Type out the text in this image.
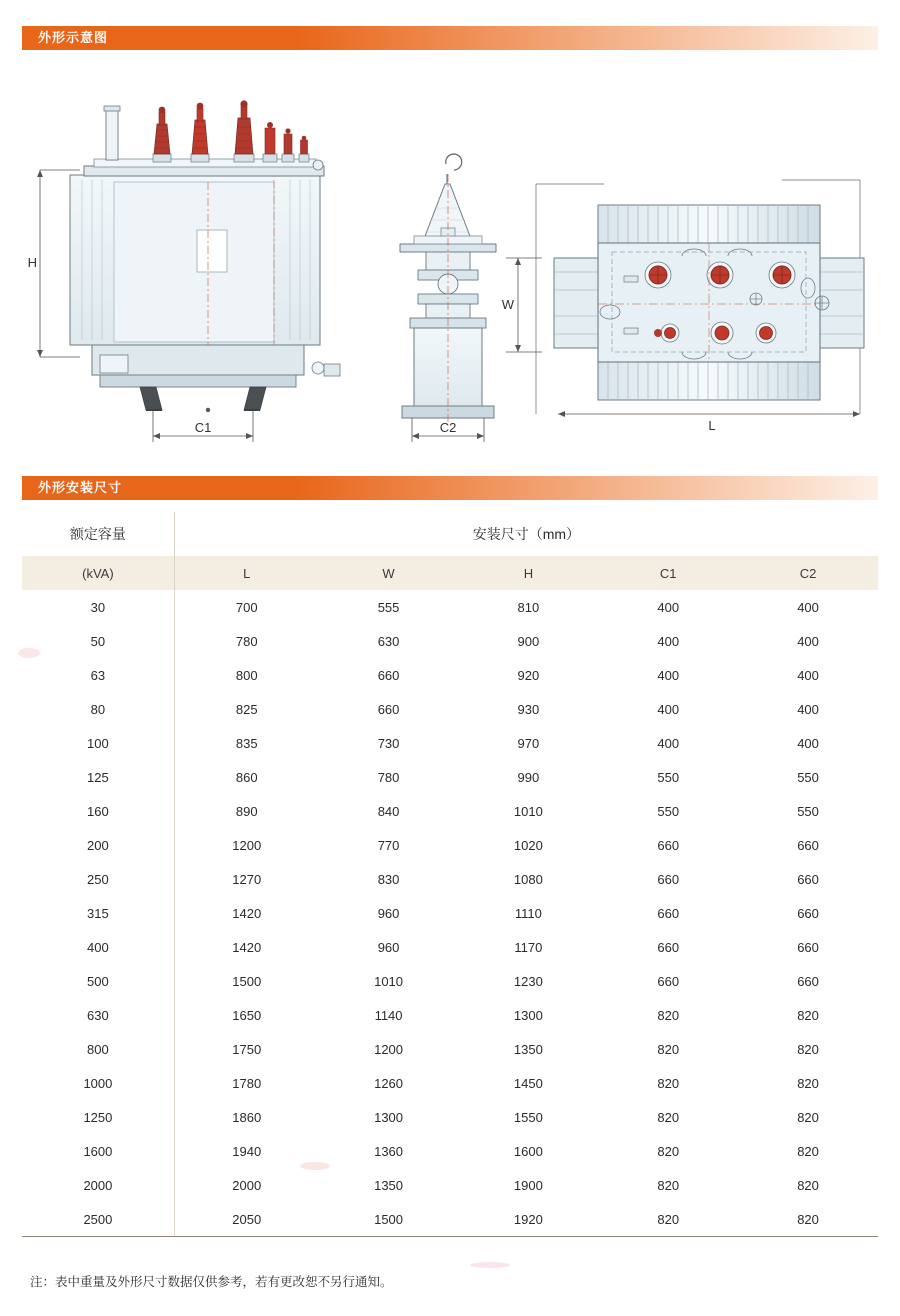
外形示意图
H
C1	C2
W
L
外形安装尺寸
额定容量	安装尺寸（mm）				
(kVA)	L	W	H	C1	C2
30	700	555	810	400	400
50	780	630	900	400	400
63	800	660	920	400	400
80	825	660	930	400	400
100	835	730	970	400	400
125	860	780	990	550	550
160	890	840	1010	550	550
200	1200	770	1020	660	660
250	1270	830	1080	660	660
315	1420	960	1110	660	660
400	1420	960	1170	660	660
500	1500	1010	1230	660	660
630	1650	1140	1300	820	820
800	1750	1200	1350	820	820
1000	1780	1260	1450	820	820
1250	1860	1300	1550	820	820
1600	1940	1360	1600	820	820
2000	2000	1350	1900	820	820
2500	2050	1500	1920	820	820
注：表中重量及外形尺寸数据仅供参考，若有更改恕不另行通知。
